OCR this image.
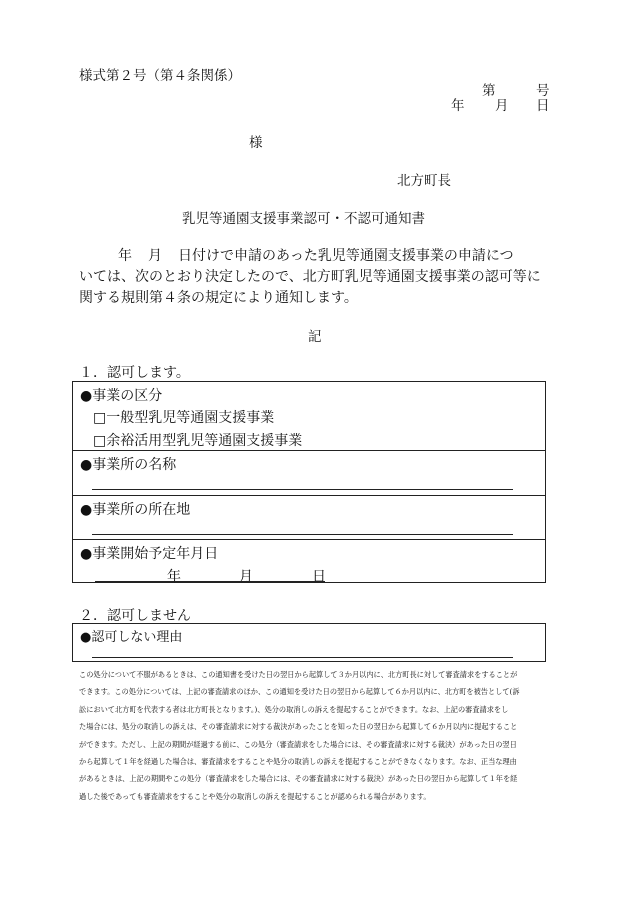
様式第２号（第４条関係）
第	号
年 月 日
様
北方町長
乳児等通園支援事業認可・不認可通知書
年 月 日付けで申請のあった乳児等通園支援事業の申請につ
いては、次のとおり決定したので、北方町乳児等通園支援事業の認可等に
関する規則第４条の規定により通知します。
記
１．認可します。
●事業の区分
□一般型乳児等通園支援事業
□余裕活用型乳児等通園支援事業
●事業所の名称
●事業所の所在地
●事業開始予定年月日
年	月	日
２．認可しません
●認可しない理由
この処分について不服があるときは、この通知書を受けた日の翌日から起算して３か月以内に、北方町長に対して審査請求をすることが
できます。この処分については、上記の審査請求のほか、この通知を受けた日の翌日から起算して６か月以内に、北方町を被告として(訴
訟において北方町を代表する者は北方町長となります。)、処分の取消しの訴えを提起することができます。なお、上記の審査請求をし
た場合には、処分の取消しの訴えは、その審査請求に対する裁決があったことを知った日の翌日から起算して６か月以内に提起すること
ができます。ただし、上記の期間が経過する前に、この処分（審査請求をした場合には、その審査請求に対する裁決）があった日の翌日
から起算して１年を経過した場合は、審査請求をすることや処分の取消しの訴えを提起することができなくなります。なお、正当な理由
があるときは、上記の期間やこの処分（審査請求をした場合には、その審査請求に対する裁決）があった日の翌日から起算して１年を経
過した後であっても審査請求をすることや処分の取消しの訴えを提起することが認められる場合があります。
